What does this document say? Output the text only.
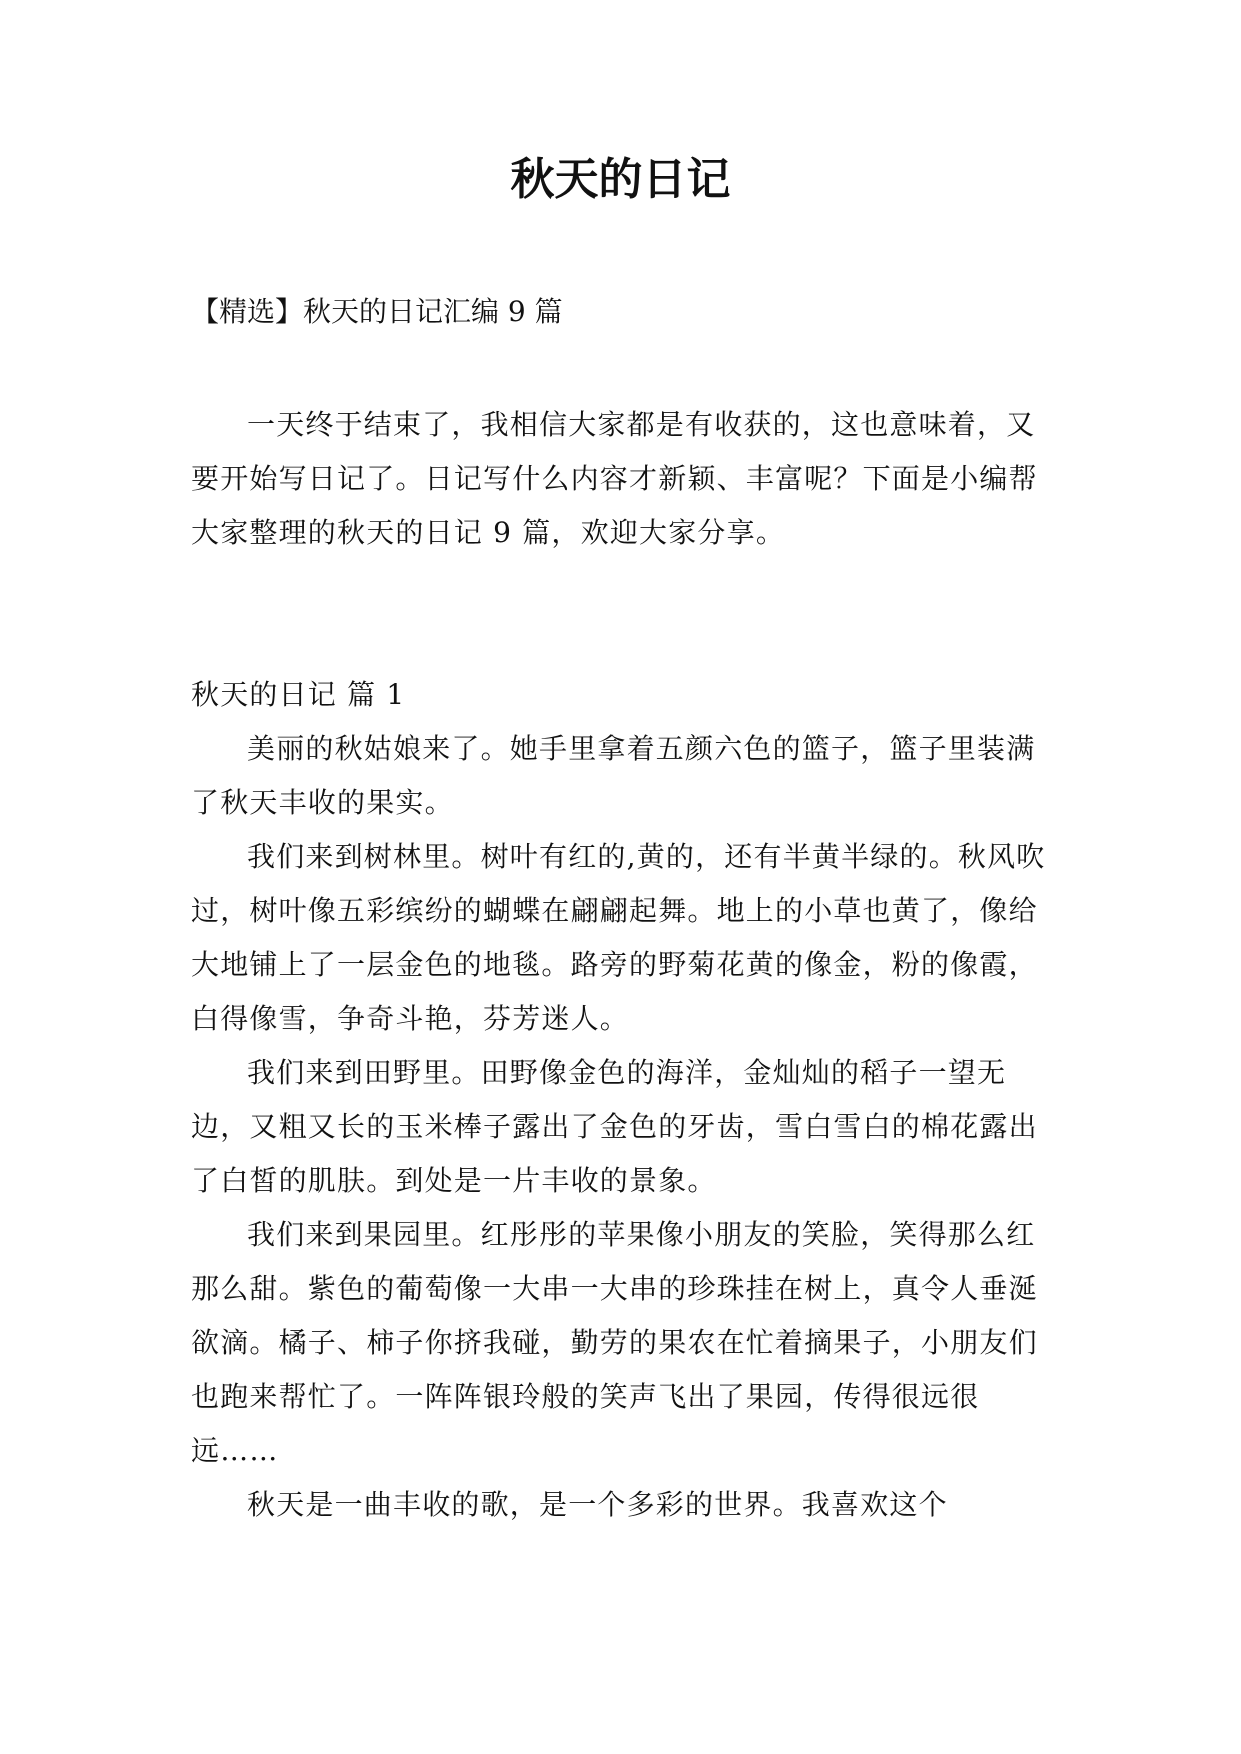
秋天的日记

【精选】秋天的日记汇编 9 篇

一天终于结束了，我相信大家都是有收获的，这也意味着，又要开始写日记了。日记写什么内容才新颖、丰富呢？下面是小编帮大家整理的秋天的日记 9 篇，欢迎大家分享。

秋天的日记 篇 1

美丽的秋姑娘来了。她手里拿着五颜六色的篮子，篮子里装满了秋天丰收的果实。

我们来到树林里。树叶有红的,黄的，还有半黄半绿的。秋风吹过，树叶像五彩缤纷的蝴蝶在翩翩起舞。地上的小草也黄了，像给大地铺上了一层金色的地毯。路旁的野菊花黄的像金，粉的像霞，白得像雪，争奇斗艳，芬芳迷人。

我们来到田野里。田野像金色的海洋，金灿灿的稻子一望无边，又粗又长的玉米棒子露出了金色的牙齿，雪白雪白的棉花露出了白皙的肌肤。到处是一片丰收的景象。

我们来到果园里。红彤彤的苹果像小朋友的笑脸，笑得那么红那么甜。紫色的葡萄像一大串一大串的珍珠挂在树上，真令人垂涎欲滴。橘子、柿子你挤我碰，勤劳的果农在忙着摘果子，小朋友们也跑来帮忙了。一阵阵银玲般的笑声飞出了果园，传得很远很远……

秋天是一曲丰收的歌，是一个多彩的世界。我喜欢这个
